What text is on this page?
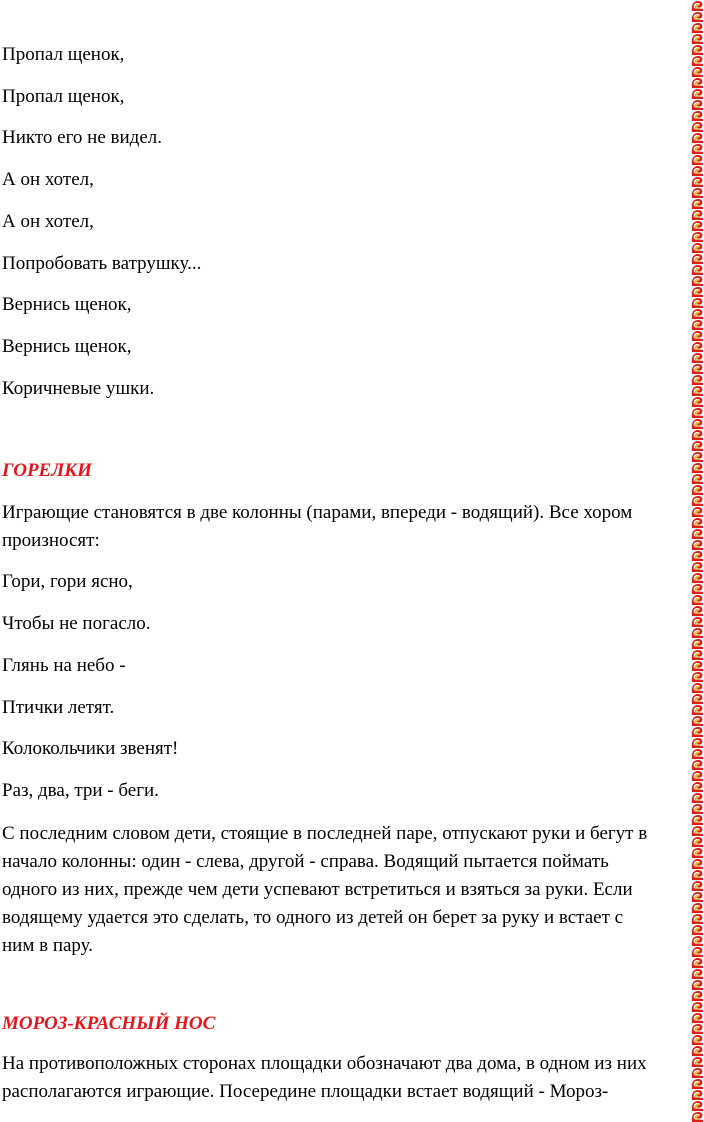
Пропал щенок,
Пропал щенок,
Никто его не видел.
А он хотел,
А он хотел,
Попробовать ватрушку...
Вернись щенок,
Вернись щенок,
Коричневые ушки.
ГОРЕЛКИ
Играющие становятся в две колонны (парами, впереди - водящий). Все хором
произносят:
Гори, гори ясно,
Чтобы не погасло.
Глянь на небо -
Птички летят.
Колокольчики звенят!
Раз, два, три - беги.
С последним словом дети, стоящие в последней паре, отпускают руки и бегут в
начало колонны: один - слева, другой - справа. Водящий пытается поймать
одного из них, прежде чем дети успевают встретиться и взяться за руки. Если
водящему удается это сделать, то одного из детей он берет за руку и встает с
ним в пару.
МОРОЗ-КРАСНЫЙ НОС
На противоположных сторонах площадки обозначают два дома, в одном из них
располагаются играющие. Посередине площадки встает водящий - Мороз-
